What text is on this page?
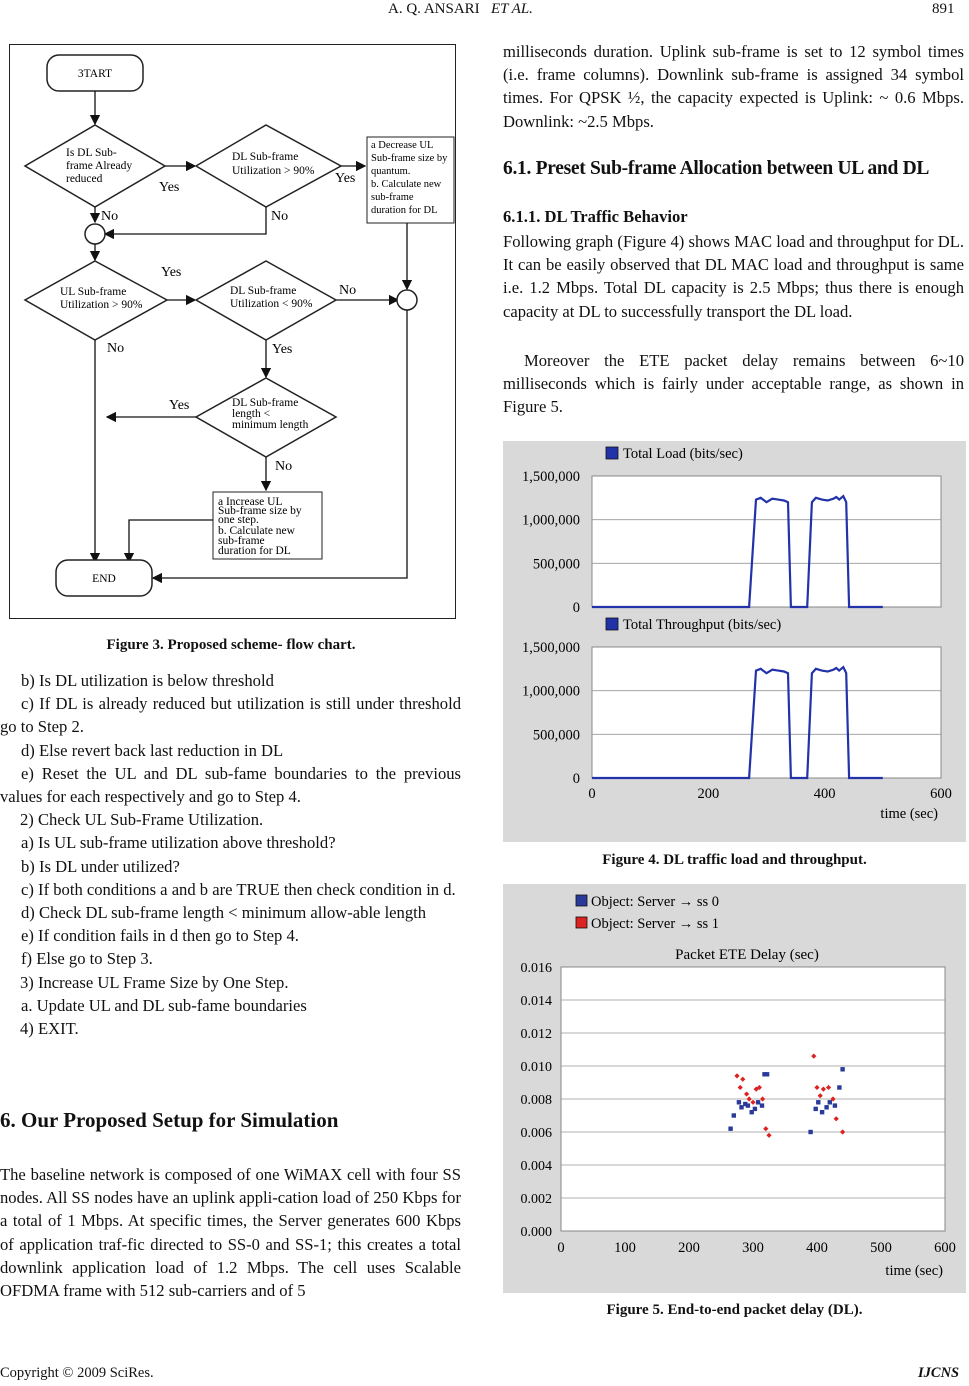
A. Q. ANSARI ET AL.	891
3TART
Is DL Sub-
frame Already
reduced
Yes
No
DL Sub-frame
Utilization > 90% Yes
No
a Decrease UL
Sub-frame size by
quantum.
b. Calculate new
sub-frame
duration for DL
UL Sub-frame
Utilization > 90%
Yes
No
DL Sub-frame
Utilization < 90%
No
Yes
DL Sub-frame
length <
minimum length
Yes
No
a Increase UL
Sub-frame size by
one step.
b. Calculate new
sub-frame
duration for DL
END
Figure 3. Proposed scheme- flow chart.

b) Is DL utilization is below threshold

c) If DL is already reduced but utilization is still under threshold go to Step 2.

d) Else revert back last reduction in DL

e) Reset the UL and DL sub-fame boundaries to the previous values for each respectively and go to Step 4.

2) Check UL Sub-Frame Utilization.

a) Is UL sub-frame utilization above threshold?

b) Is DL under utilized?

c) If both conditions a and b are TRUE then check condition in d.

d) Check DL sub-frame length < minimum allow-able length

e) If condition fails in d then go to Step 4.

f) Else go to Step 3.

3) Increase UL Frame Size by One Step.

a. Update UL and DL sub-fame boundaries

4) EXIT.

6. Our Proposed Setup for Simulation
The baseline network is composed of one WiMAX cell with four SS nodes. All SS nodes have an uplink appli-cation load of 250 Kbps for a total of 1 Mbps. At specific times, the Server generates 600 Kbps of application traf-fic directed to SS-0 and SS-1; this creates a total downlink application load of 1.2 Mbps. The cell uses Scalable OFDMA frame with 512 sub-carriers and of 5
milliseconds duration. Uplink sub-frame is set to 12 symbol times (i.e. frame columns). Downlink sub-frame is assigned 34 symbol times. For QPSK ½, the capacity expected is Uplink: ~ 0.6 Mbps. Downlink: ~2.5 Mbps.
6.1. Preset Sub-frame Allocation between UL and DL
6.1.1. DL Traffic Behavior
Following graph (Figure 4) shows MAC load and throughput for DL. It can be easily observed that DL MAC load and throughput is same i.e. 1.2 Mbps. Total DL capacity is 2.5 Mbps; thus there is enough capacity at DL to successfully transport the DL load.
Moreover the ETE packet delay remains between 6~10 milliseconds which is fairly under acceptable range, as shown in Figure 5.
Total Load (bits/sec)
1,500,000
1,000,000
500,000
0
Total Throughput (bits/sec)
1,500,000
1,000,000
500,000
0
0	200	400	600
time (sec)
Figure 4. DL traffic load and throughput.
Object: Server → ss 0
Object: Server → ss 1
Packet ETE Delay (sec)
0.016
0.014
0.012
0.010
0.008
0.006
0.004
0.002
0.000
0	100	200	300	400	500	600
time (sec)
Figure 5. End-to-end packet delay (DL).
Copyright © 2009 SciRes.	IJCNS
